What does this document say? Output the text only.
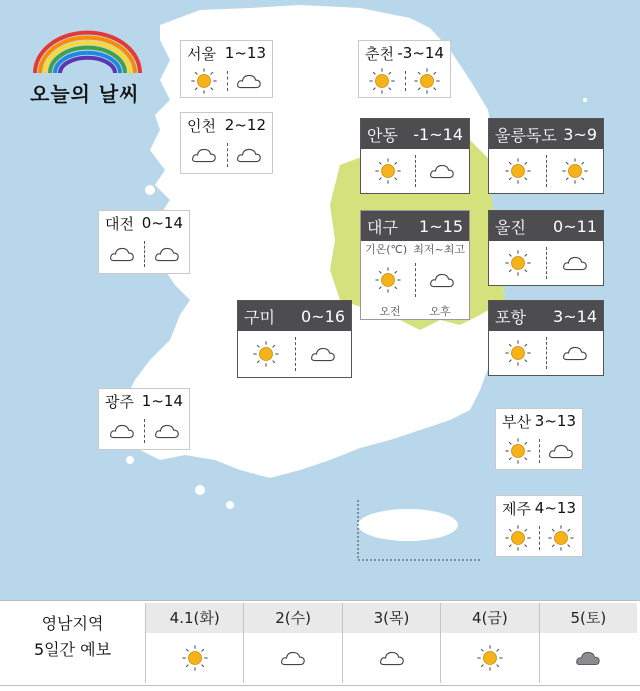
오늘의 날씨
서울 1~13	춘천 -3~14
인천 2~12
안동 -1~14 울릉독도 3~9
대전 0~14	대구 1~15
기온(℃) 최저~최고
오전	오후
울진 0~11
구미 0~16	포항 3~14
광주 1~14
부산 3~13
제주 4~13
영남지역
5일간 예보
4.1(화)	2(수)	3(목)	4(금)	5(토)
